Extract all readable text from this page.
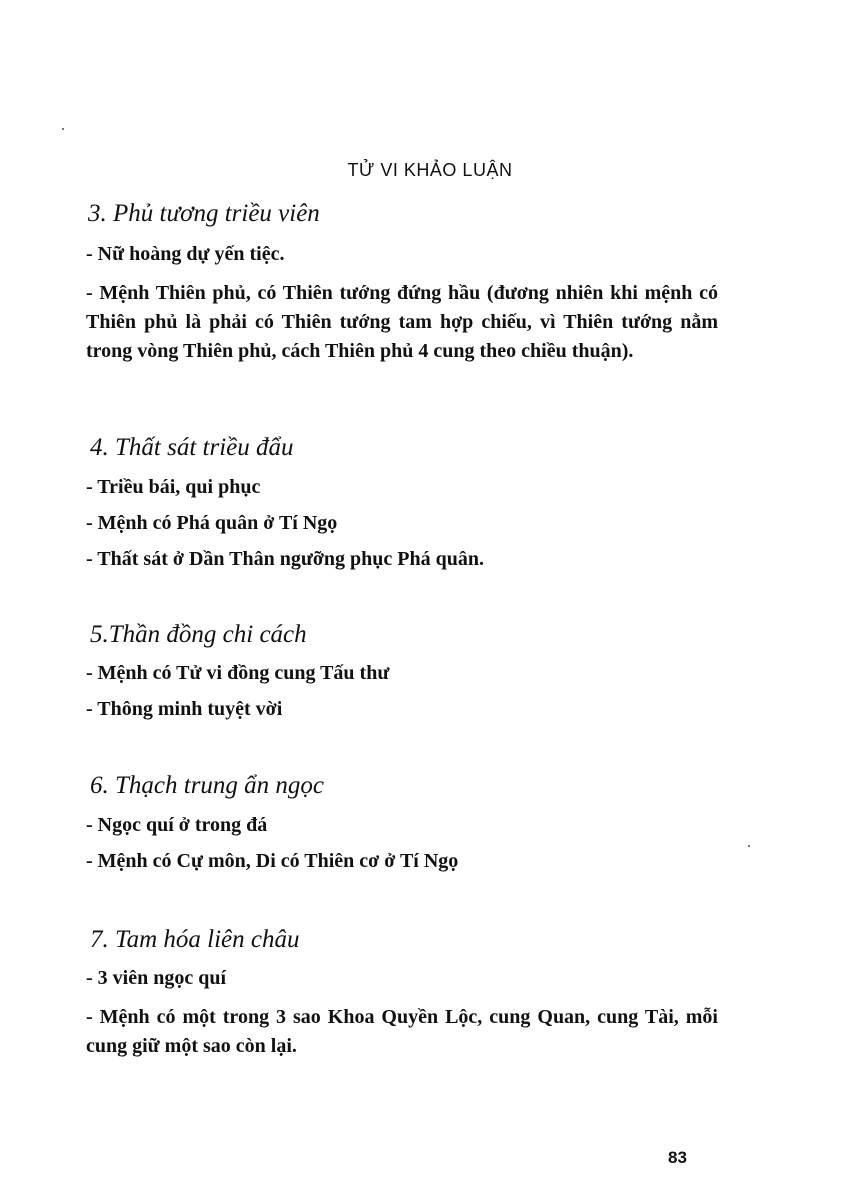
TỬ VI KHẢO LUẬN
3. Phủ tương triều viên
- Nữ hoàng dự yến tiệc.
- Mệnh Thiên phủ, có Thiên tướng đứng hầu (đương nhiên khi mệnh có Thiên phủ là phải có Thiên tướng tam hợp chiếu, vì Thiên tướng nằm trong vòng Thiên phủ, cách Thiên phủ 4 cung theo chiều thuận).
4. Thất sát triều đẩu
- Triều bái, qui phục
- Mệnh có Phá quân ở Tí Ngọ
- Thất sát ở Dần Thân ngưỡng phục Phá quân.
5.Thần đồng chi cách
- Mệnh có Tử vi đồng cung Tấu thư
- Thông minh tuyệt vời
6. Thạch trung ẩn ngọc
- Ngọc quí ở trong đá
- Mệnh có Cự môn, Di có Thiên cơ ở Tí Ngọ
7. Tam hóa liên châu
- 3 viên ngọc quí
- Mệnh có một trong 3 sao Khoa Quyền Lộc, cung Quan, cung Tài, mỗi cung giữ một sao còn lại.
83
